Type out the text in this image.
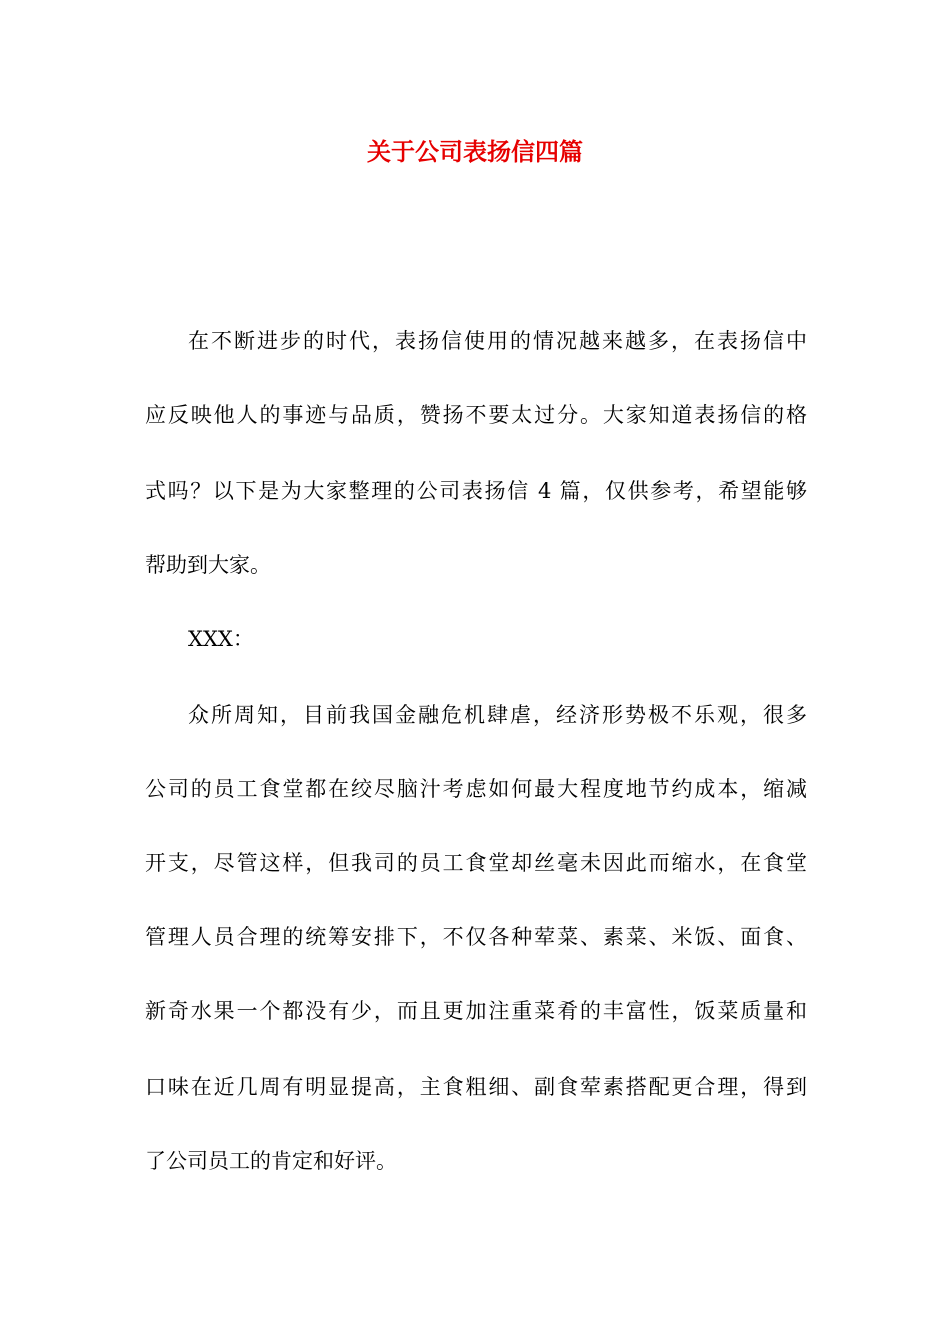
关于公司表扬信四篇
在不断进步的时代，表扬信使用的情况越来越多，在表扬信中
应反映他人的事迹与品质，赞扬不要太过分。大家知道表扬信的格
式吗？以下是为大家整理的公司表扬信 4 篇，仅供参考，希望能够
帮助到大家。
XXX：
众所周知，目前我国金融危机肆虐，经济形势极不乐观，很多
公司的员工食堂都在绞尽脑汁考虑如何最大程度地节约成本，缩减
开支，尽管这样，但我司的员工食堂却丝毫未因此而缩水，在食堂
管理人员合理的统筹安排下，不仅各种荤菜、素菜、米饭、面食、
新奇水果一个都没有少，而且更加注重菜肴的丰富性，饭菜质量和
口味在近几周有明显提高，主食粗细、副食荤素搭配更合理，得到
了公司员工的肯定和好评。
